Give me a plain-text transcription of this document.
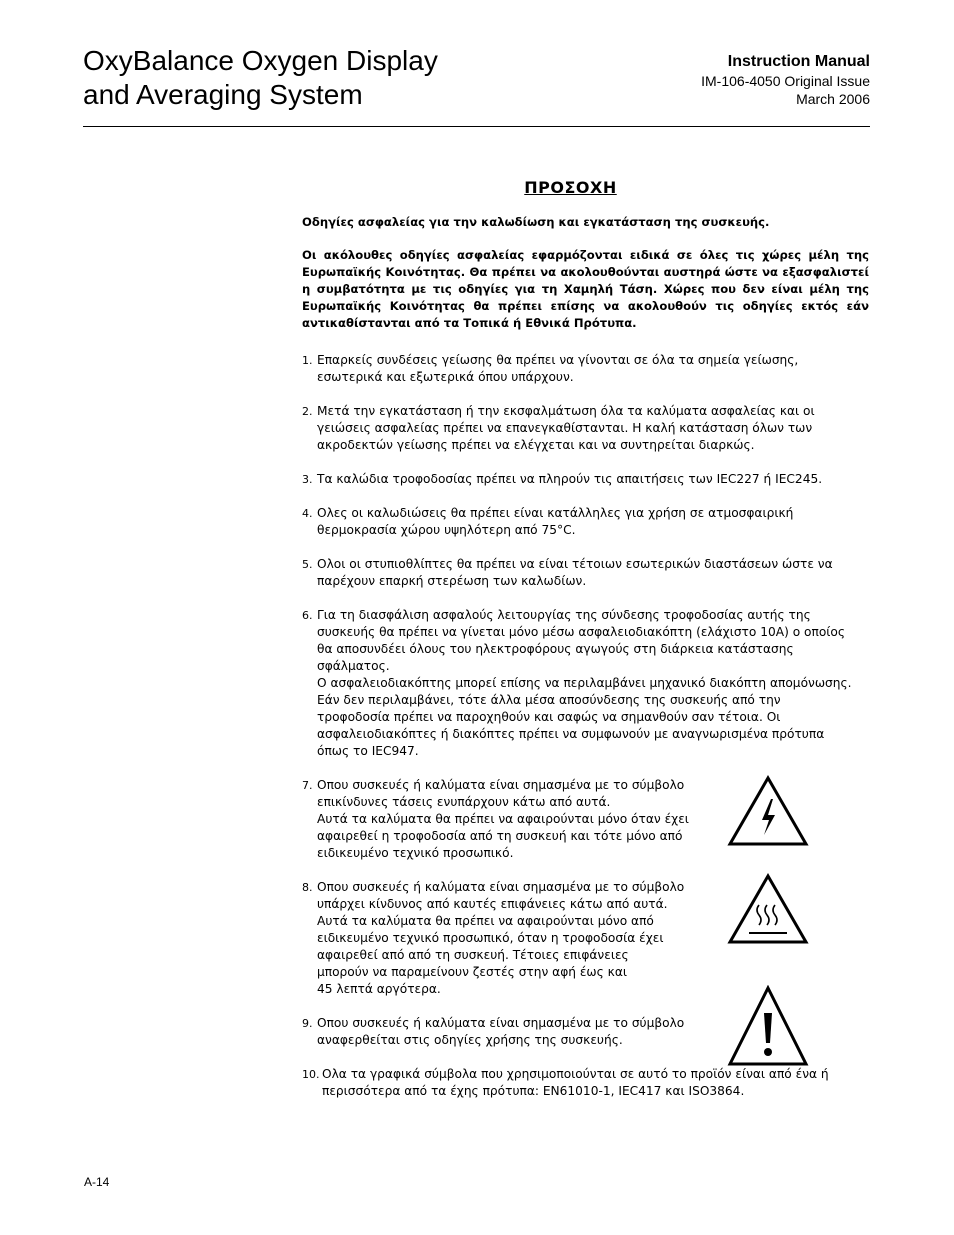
OxyBalance Oxygen Display
and Averaging System
Instruction Manual
IM-106-4050 Original Issue
March 2006
ΠΡΟΣΟΧΗ
Οδηγίες ασφαλείας για την καλωδίωση και εγκατάσταση της συσκευής.
Οι ακόλουθες οδηγίες ασφαλείας εφαρμόζονται ειδικά σε όλες τις χώρες μέλη της Ευρωπαϊκής Κοινότητας. Θα πρέπει να ακολουθούνται αυστηρά ώστε να εξασφαλιστεί η συμβατότητα με τις οδηγίες για τη Χαμηλή Τάση. Χώρες που δεν είναι μέλη της Ευρωπαϊκής Κοινότητας θα πρέπει επίσης να ακολουθούν τις οδηγίες εκτός εάν αντικαθίστανται από τα Τοπικά ή Εθνικά Πρότυπα.
1. Επαρκείς συνδέσεις γείωσης θα πρέπει να γίνονται σε όλα τα σημεία γείωσης,
εσωτερικά και εξωτερικά όπου υπάρχουν.
2. Μετά την εγκατάσταση ή την εκσφαλμάτωση όλα τα καλύματα ασφαλείας και οι
γειώσεις ασφαλείας πρέπει να επανεγκαθίστανται. Η καλή κατάσταση όλων των
ακροδεκτών γείωσης πρέπει να ελέγχεται και να συντηρείται διαρκώς.
3. Τα καλώδια τροφοδοσίας πρέπει να πληρούν τις απαιτήσεις των IEC227 ή IEC245.
4. Ολες οι καλωδιώσεις θα πρέπει είναι κατάλληλες για χρήση σε ατμοσφαιρική
θερμοκρασία χώρου υψηλότερη από 75°C.
5. Ολοι οι στυπιοθλίπτες θα πρέπει να είναι τέτοιων εσωτερικών διαστάσεων ώστε να
παρέχουν επαρκή στερέωση των καλωδίων.
6. Για τη διασφάλιση ασφαλούς λειτουργίας της σύνδεσης τροφοδοσίας αυτής της
συσκευής θα πρέπει να γίνεται μόνο μέσω ασφαλειοδιακόπτη (ελάχιστο 10Α) ο οποίος
θα αποσυνδέει όλους του ηλεκτροφόρους αγωγούς στη διάρκεια κατάστασης
σφάλματος.
Ο ασφαλειοδιακόπτης μπορεί επίσης να περιλαμβάνει μηχανικό διακόπτη απομόνωσης.
Εάν δεν περιλαμβάνει, τότε άλλα μέσα αποσύνδεσης της συσκευής από την
τροφοδοσία πρέπει να παροχηθούν και σαφώς να σημανθούν σαν τέτοια. Οι
ασφαλειοδιακόπτες ή διακόπτες πρέπει να συμφωνούν με αναγνωρισμένα πρότυπα
όπως το IEC947.
7. Οπου συσκευές ή καλύματα είναι σημασμένα με το σύμβολο
επικίνδυνες τάσεις ενυπάρχουν κάτω από αυτά.
Αυτά τα καλύματα θα πρέπει να αφαιρούνται μόνο όταν έχει
αφαιρεθεί η τροφοδοσία από τη συσκευή και τότε μόνο από
ειδικευμένο τεχνικό προσωπικό.
8. Οπου συσκευές ή καλύματα είναι σημασμένα με το σύμβολο
υπάρχει κίνδυνος από καυτές επιφάνειες κάτω από αυτά.
Αυτά τα καλύματα θα πρέπει να αφαιρούνται μόνο από
ειδικευμένο τεχνικό προσωπικό, όταν η τροφοδοσία έχει
αφαιρεθεί από από τη συσκευή. Τέτοιες επιφάνειες
μπορούν να παραμείνουν ζεστές στην αφή έως και
45 λεπτά αργότερα.
9. Οπου συσκευές ή καλύματα είναι σημασμένα με το σύμβολο
αναφερθείται στις οδηγίες χρήσης της συσκευής.
10. Ολα τα γραφικά σύμβολα που χρησιμοποιούνται σε αυτό το προϊόν είναι από ένα ή
περισσότερα από τα έχης πρότυπα: EN61010-1, IEC417 και ISO3864.
A-14
